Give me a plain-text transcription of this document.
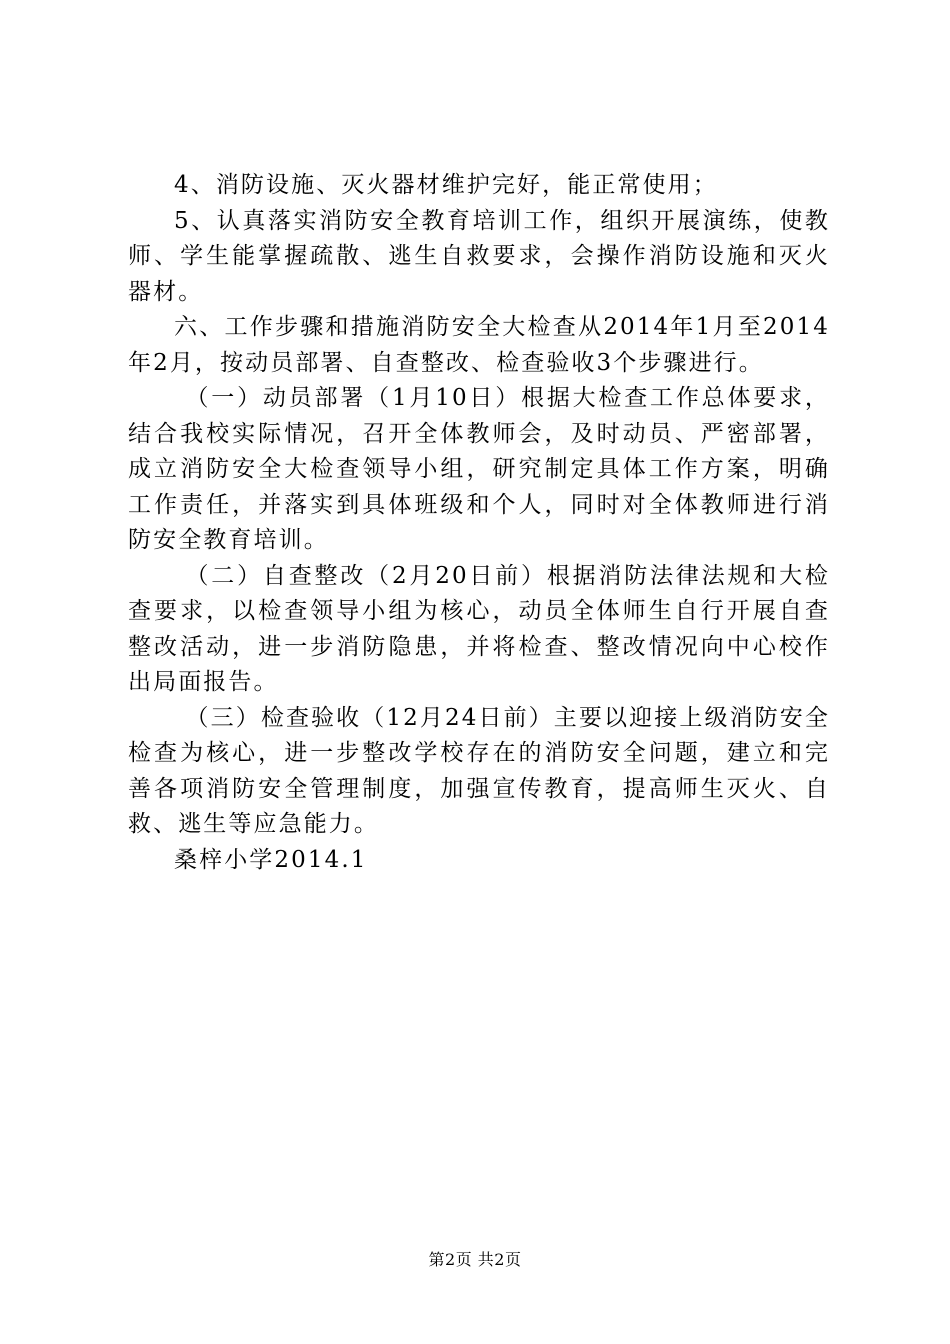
4、消防设施、灭火器材维护完好，能正常使用；

5、认真落实消防安全教育培训工作，组织开展演练，使教师、学生能掌握疏散、逃生自救要求，会操作消防设施和灭火器材。

六、工作步骤和措施消防安全大检查从2014年1月至2014年2月，按动员部署、自查整改、检查验收3个步骤进行。

（一）动员部署（1月10日）根据大检查工作总体要求，结合我校实际情况，召开全体教师会，及时动员、严密部署，成立消防安全大检查领导小组，研究制定具体工作方案，明确工作责任，并落实到具体班级和个人，同时对全体教师进行消防安全教育培训。

（二）自查整改（2月20日前）根据消防法律法规和大检查要求，以检查领导小组为核心，动员全体师生自行开展自查整改活动，进一步消防隐患，并将检查、整改情况向中心校作出局面报告。

（三）检查验收（12月24日前）主要以迎接上级消防安全检查为核心，进一步整改学校存在的消防安全问题，建立和完善各项消防安全管理制度，加强宣传教育，提高师生灭火、自救、逃生等应急能力。

桑梓小学2014.1

第2页 共2页
